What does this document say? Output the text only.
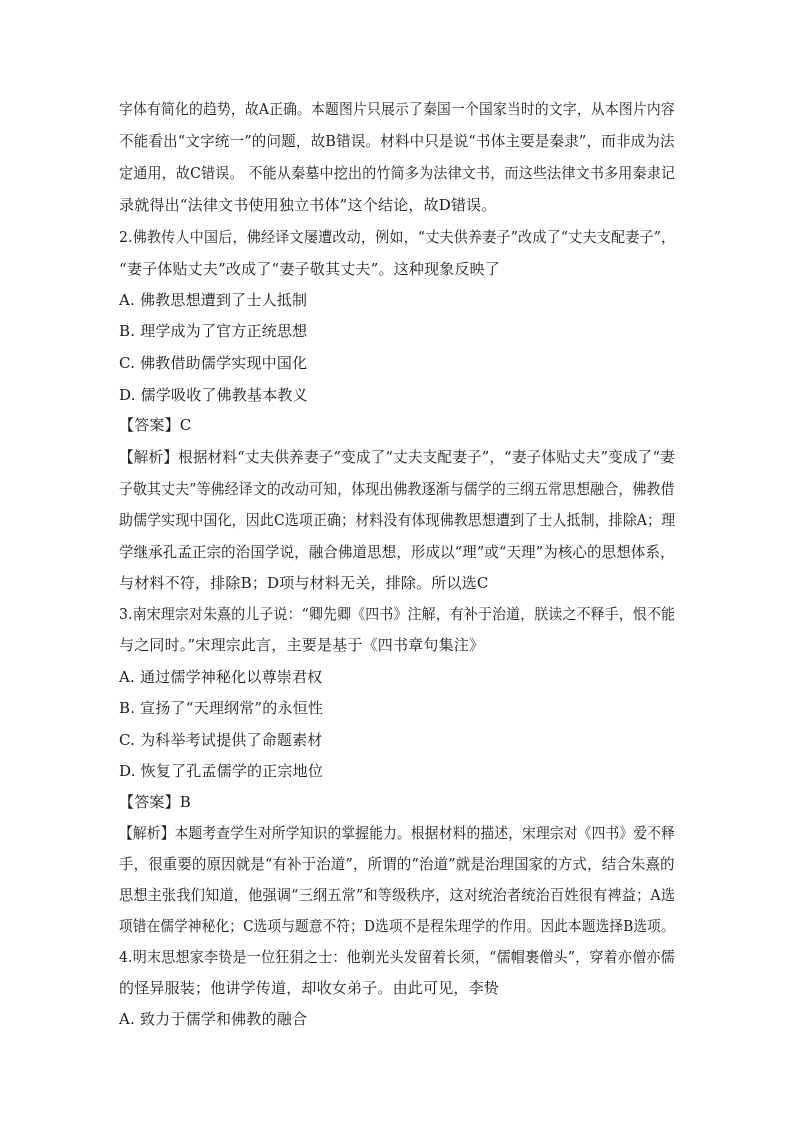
字体有简化的趋势，故A正确。本题图片只展示了秦国一个国家当时的文字，从本图片内容
不能看出“文字统一”的问题，故B错误。材料中只是说“书体主要是秦隶”，而非成为法
定通用，故C错误。 不能从秦墓中挖出的竹简多为法律文书，而这些法律文书多用秦隶记
录就得出“法律文书使用独立书体”这个结论，故D错误。
2.佛教传人中国后，佛经译文屡遭改动，例如，“丈夫供养妻子”改成了“丈夫支配妻子”，
“妻子体贴丈夫”改成了“妻子敬其丈夫”。这种现象反映了
A. 佛教思想遭到了士人抵制
B. 理学成为了官方正统思想
C. 佛教借助儒学实现中国化
D. 儒学吸收了佛教基本教义
【答案】C
【解析】根据材料“丈夫供养妻子”变成了“丈夫支配妻子”，“妻子体贴丈夫”变成了“妻
子敬其丈夫”等佛经译文的改动可知，体现出佛教逐渐与儒学的三纲五常思想融合，佛教借
助儒学实现中国化，因此C选项正确；材料没有体现佛教思想遭到了士人抵制，排除A；理
学继承孔孟正宗的治国学说，融合佛道思想，形成以“理”或“天理”为核心的思想体系，
与材料不符，排除B；D项与材料无关，排除。所以选C
3.南宋理宗对朱熹的儿子说：“卿先卿《四书》注解，有补于治道，朕读之不释手，恨不能
与之同时。”宋理宗此言，主要是基于《四书章句集注》
A. 通过儒学神秘化以尊崇君权
B. 宣扬了“天理纲常”的永恒性
C. 为科举考试提供了命题素材
D. 恢复了孔孟儒学的正宗地位
【答案】B
【解析】本题考查学生对所学知识的掌握能力。根据材料的描述，宋理宗对《四书》爱不释
手，很重要的原因就是“有补于治道”，所谓的“治道”就是治理国家的方式，结合朱熹的
思想主张我们知道，他强调“三纲五常”和等级秩序，这对统治者统治百姓很有裨益；A选
项错在儒学神秘化；C选项与题意不符；D选项不是程朱理学的作用。因此本题选择B选项。
4.明末思想家李贽是一位狂狷之士：他剃光头发留着长须，“儒帽裹僧头”，穿着亦僧亦儒
的怪异服装；他讲学传道，却收女弟子。由此可见，李贽
A. 致力于儒学和佛教的融合
